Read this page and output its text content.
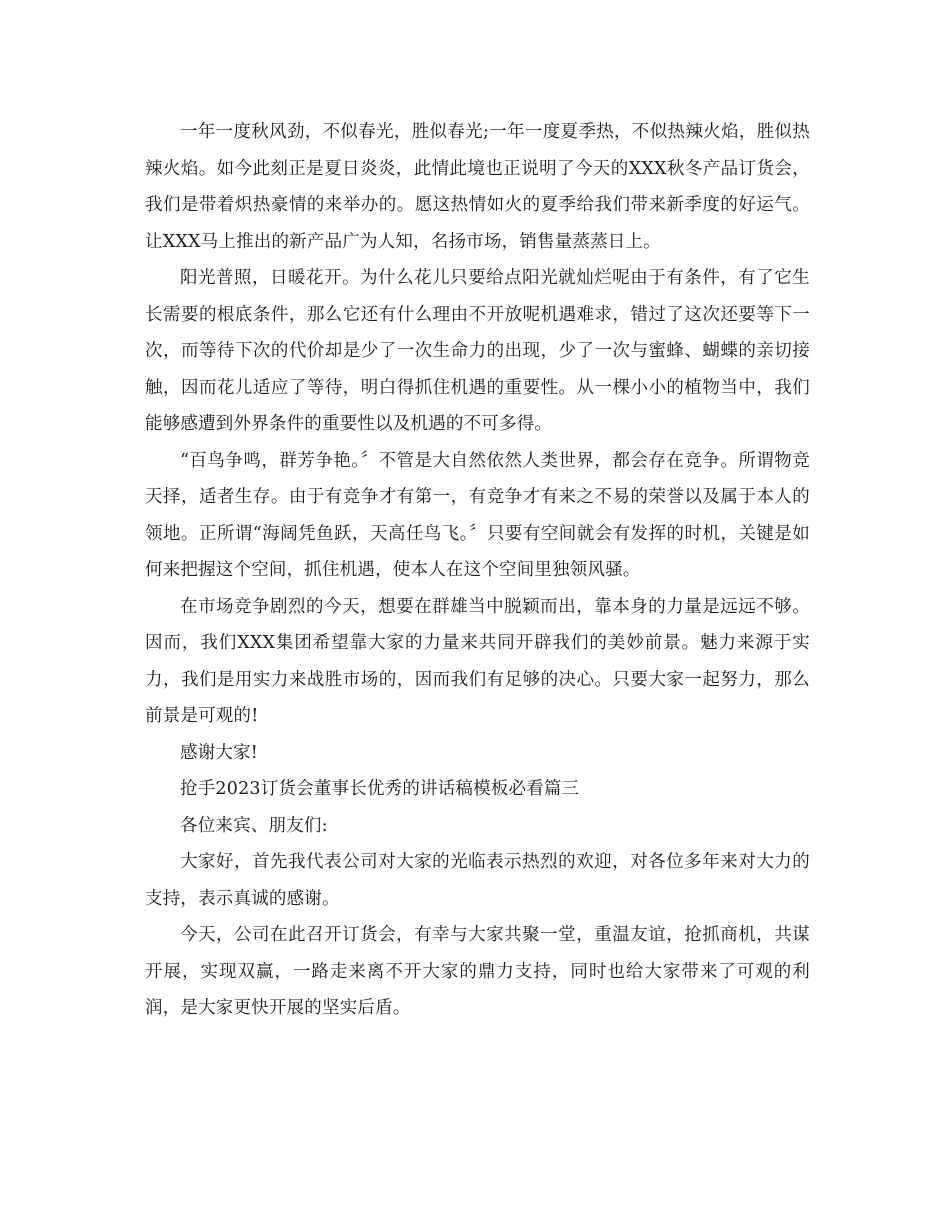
一年一度秋风劲，不似春光，胜似春光;一年一度夏季热，不似热辣火焰，胜似热辣火焰。如今此刻正是夏日炎炎，此情此境也正说明了今天的XXX秋冬产品订货会，我们是带着炽热豪情的来举办的。愿这热情如火的夏季给我们带来新季度的好运气。让XXX马上推出的新产品广为人知，名扬市场，销售量蒸蒸日上。

阳光普照，日暖花开。为什么花儿只要给点阳光就灿烂呢由于有条件，有了它生长需要的根底条件，那么它还有什么理由不开放呢机遇难求，错过了这次还要等下一次，而等待下次的代价却是少了一次生命力的出现，少了一次与蜜蜂、蝴蝶的亲切接触，因而花儿适应了等待，明白得抓住机遇的重要性。从一棵小小的植物当中，我们能够感遭到外界条件的重要性以及机遇的不可多得。

“百鸟争鸣，群芳争艳。〞不管是大自然依然人类世界，都会存在竞争。所谓物竞天择，适者生存。由于有竞争才有第一，有竞争才有来之不易的荣誉以及属于本人的领地。正所谓“海阔凭鱼跃，天高任鸟飞。〞只要有空间就会有发挥的时机，关键是如何来把握这个空间，抓住机遇，使本人在这个空间里独领风骚。

在市场竞争剧烈的今天，想要在群雄当中脱颖而出，靠本身的力量是远远不够。因而，我们XXX集团希望靠大家的力量来共同开辟我们的美妙前景。魅力来源于实力，我们是用实力来战胜市场的，因而我们有足够的决心。只要大家一起努力，那么前景是可观的!

感谢大家!

抢手2023订货会董事长优秀的讲话稿模板必看篇三

各位来宾、朋友们:

大家好，首先我代表公司对大家的光临表示热烈的欢迎，对各位多年来对大力的支持，表示真诚的感谢。

今天，公司在此召开订货会，有幸与大家共聚一堂，重温友谊，抢抓商机，共谋开展，实现双赢，一路走来离不开大家的鼎力支持，同时也给大家带来了可观的利润，是大家更快开展的坚实后盾。
